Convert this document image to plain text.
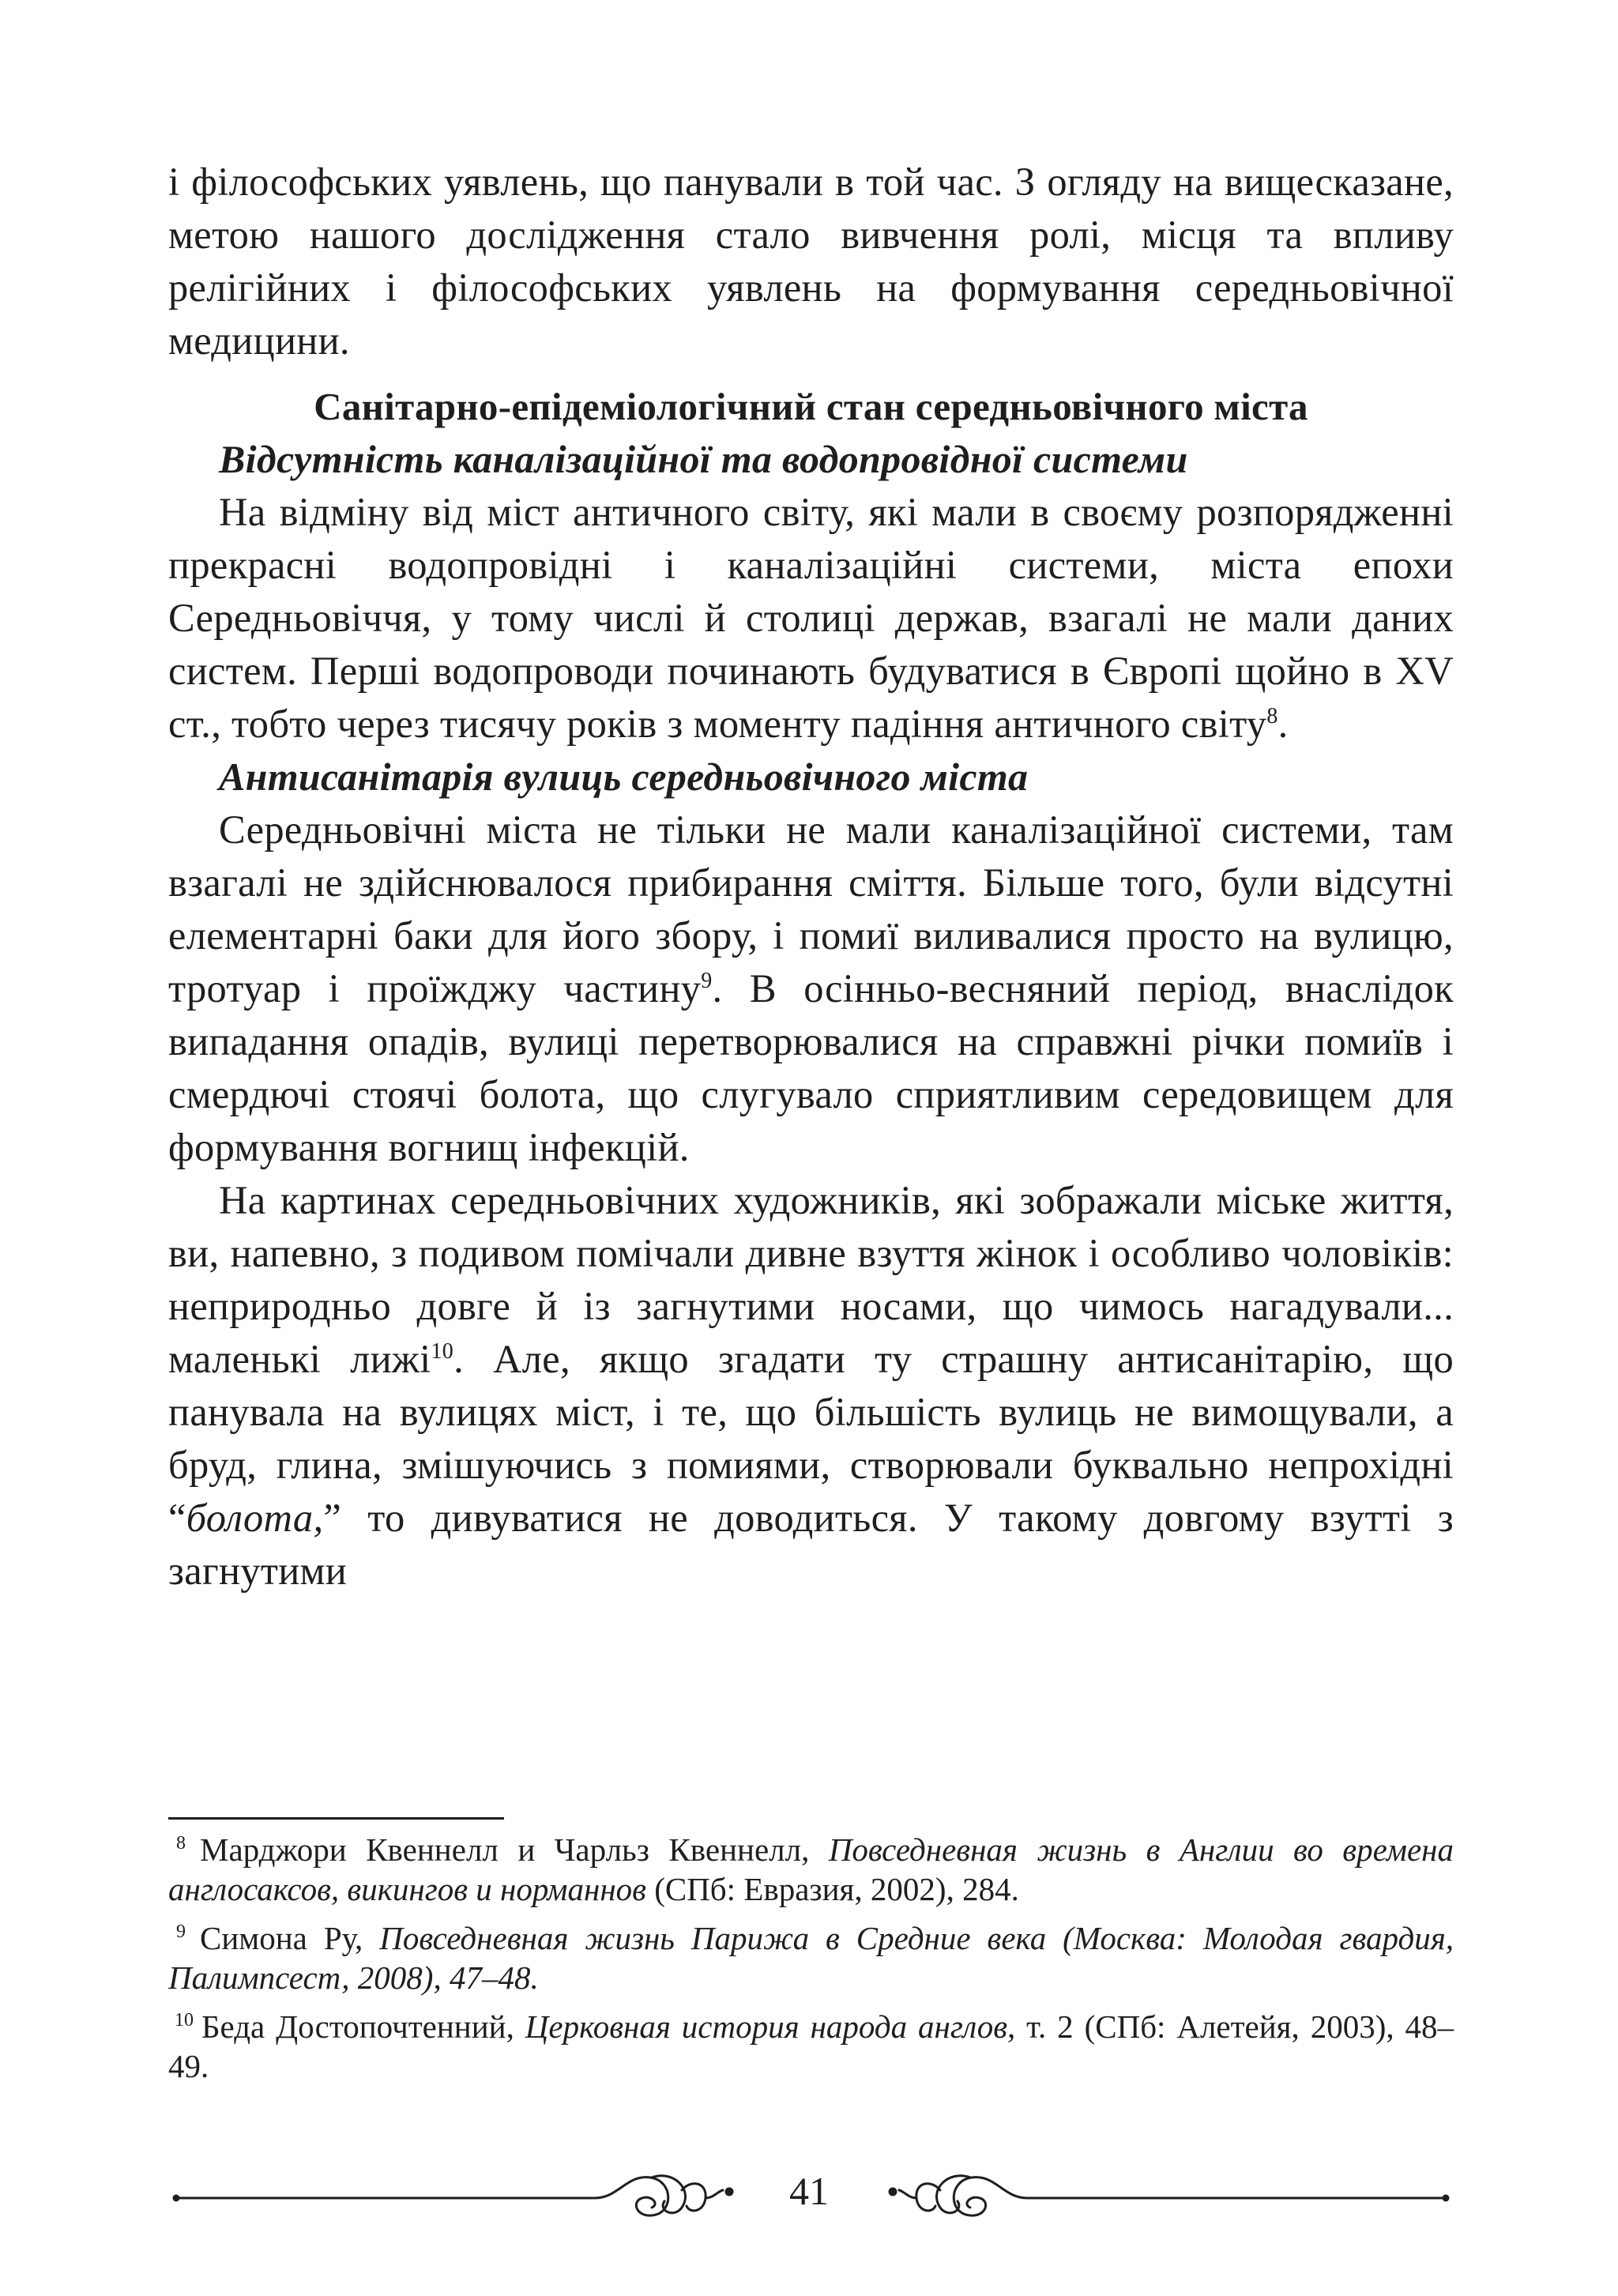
і філософських уявлень, що панували в той час. З огляду на вищесказане, метою нашого дослідження стало вивчення ролі, місця та впливу релігійних і філософських уявлень на формування середньовічної медицини.

Санітарно-епідеміологічний стан середньовічного міста

Відсутність каналізаційної та водопровідної системи

На відміну від міст античного світу, які мали в своєму розпорядженні прекрасні водопровідні і каналізаційні системи, міста епохи Середньовіччя, у тому числі й столиці держав, взагалі не мали даних систем. Перші водопроводи починають будуватися в Європі щойно в XV ст., тобто через тисячу років з моменту падіння античного світу$^8$.

Антисанітарія вулиць середньовічного міста

Середньовічні міста не тільки не мали каналізаційної системи, там взагалі не здійснювалося прибирання сміття. Більше того, були відсутні елементарні баки для його збору, і помиї виливалися просто на вулицю, тротуар і проїжджу частину$^9$. В осінньо-весняний період, внаслідок випадання опадів, вулиці перетворювалися на справжні річки помиїв і смердючі стоячі болота, що слугувало сприятливим середовищем для формування вогнищ інфекцій.

На картинах середньовічних художників, які зображали міське життя, ви, напевно, з подивом помічали дивне взуття жінок і особливо чоловіків: неприродньо довге й із загнутими носами, що чимось нагадували... маленькі лижі$^{10}$. Але, якщо згадати ту страшну антисанітарію, що панувала на вулицях міст, і те, що більшість вулиць не вимощували, а бруд, глина, змішуючись з помиями, створювали буквально непрохідні “болота,” то дивуватися не доводиться. У такому довгому взутті з загнутими

$^8$ Марджори Квеннелл и Чарльз Квеннелл, Повседневная жизнь в Англии во времена англосаксов, викингов и норманнов (СПб: Евразия, 2002), 284.

$^9$ Симона Ру, Повседневная жизнь Парижа в Средние века (Москва: Молодая гвардия, Палимпсест, 2008), 47–48.

$^{10}$ Беда Достопочтенний, Церковная история народа англов, т. 2 (СПб: Алетейя, 2003), 48–49.

41
